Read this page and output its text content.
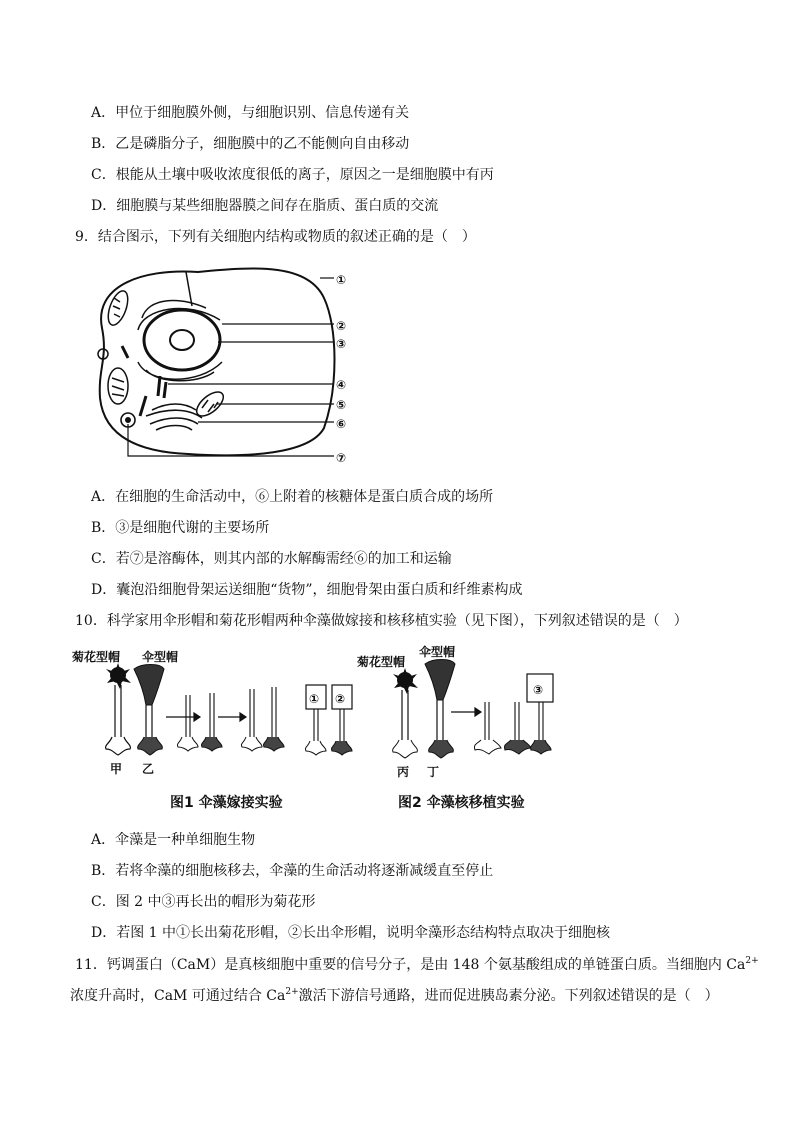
A．甲位于细胞膜外侧，与细胞识别、信息传递有关
B．乙是磷脂分子，细胞膜中的乙不能侧向自由移动
C．根能从土壤中吸收浓度很低的离子，原因之一是细胞膜中有丙
D．细胞膜与某些细胞器膜之间存在脂质、蛋白质的交流
9．结合图示，下列有关细胞内结构或物质的叙述正确的是（　）
①
②
③
④
⑤
⑥
⑦
A．在细胞的生命活动中，⑥上附着的核糖体是蛋白质合成的场所
B．③是细胞代谢的主要场所
C．若⑦是溶酶体，则其内部的水解酶需经⑥的加工和运输
D．囊泡沿细胞骨架运送细胞“货物”，细胞骨架由蛋白质和纤维素构成
10．科学家用伞形帽和菊花形帽两种伞藻做嫁接和核移植实验（见下图），下列叙述错误的是（　）
菊花型帽 伞型帽
甲 乙
① ②
图1 伞藻嫁接实验
菊花型帽
伞型帽
丙 丁
③
图2 伞藻核移植实验
A．伞藻是一种单细胞生物
B．若将伞藻的细胞核移去，伞藻的生命活动将逐渐减缓直至停止
C．图 2 中③再长出的帽形为菊花形
D．若图 1 中①长出菊花形帽，②长出伞形帽，说明伞藻形态结构特点取决于细胞核
11．钙调蛋白（CaM）是真核细胞中重要的信号分子，是由 148 个氨基酸组成的单链蛋白质。当细胞内 $Ca^{2+}$
浓度升高时，CaM 可通过结合 $Ca^{2+}$激活下游信号通路，进而促进胰岛素分泌。下列叙述错误的是（　）
